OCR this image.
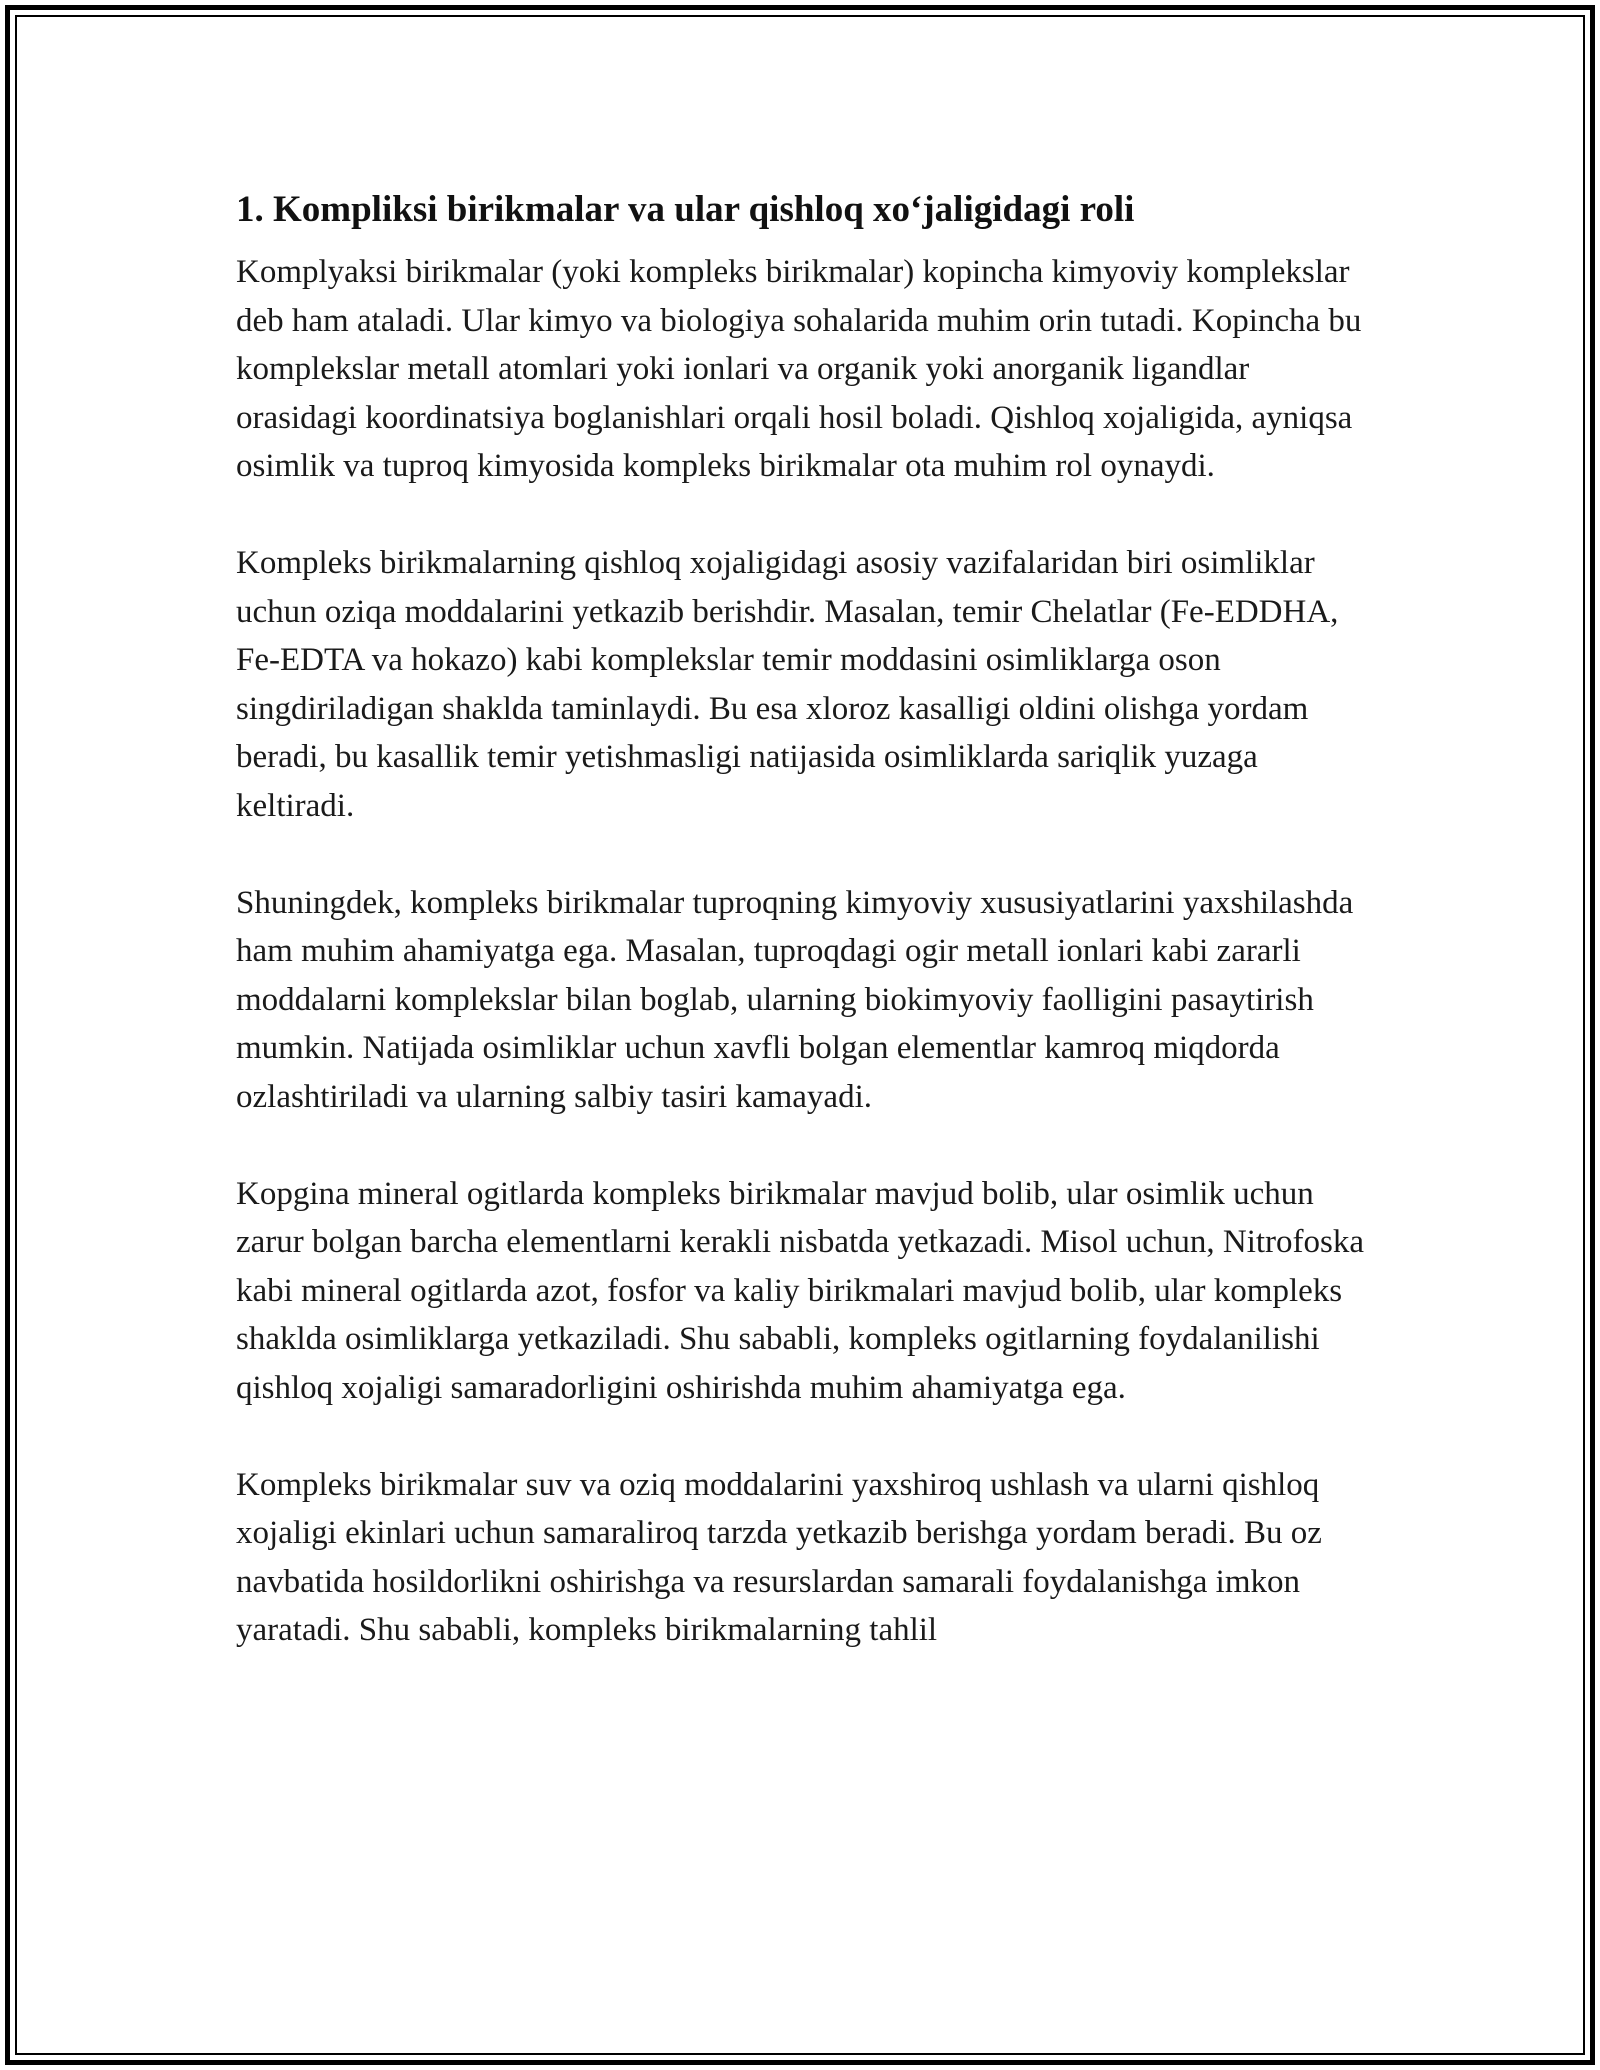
1. Kompliksi birikmalar va ular qishloq xo‘jaligidagi roli

Komplyaksi birikmalar (yoki kompleks birikmalar) kopincha kimyoviy komplekslar deb ham ataladi. Ular kimyo va biologiya sohalarida muhim orin tutadi. Kopincha bu komplekslar metall atomlari yoki ionlari va organik yoki anorganik ligandlar orasidagi koordinatsiya boglanishlari orqali hosil boladi. Qishloq xojaligida, ayniqsa osimlik va tuproq kimyosida kompleks birikmalar ota muhim rol oynaydi.

Kompleks birikmalarning qishloq xojaligidagi asosiy vazifalaridan biri osimliklar uchun oziqa moddalarini yetkazib berishdir. Masalan, temir Chelatlar (Fe-EDDHA, Fe-EDTA va hokazo) kabi komplekslar temir moddasini osimliklarga oson singdiriladigan shaklda taminlaydi. Bu esa xloroz kasalligi oldini olishga yordam beradi, bu kasallik temir yetishmasligi natijasida osimliklarda sariqlik yuzaga keltiradi.

Shuningdek, kompleks birikmalar tuproqning kimyoviy xususiyatlarini yaxshilashda ham muhim ahamiyatga ega. Masalan, tuproqdagi ogir metall ionlari kabi zararli moddalarni komplekslar bilan boglab, ularning biokimyoviy faolligini pasaytirish mumkin. Natijada osimliklar uchun xavfli bolgan elementlar kamroq miqdorda ozlashtiriladi va ularning salbiy tasiri kamayadi.

Kopgina mineral ogitlarda kompleks birikmalar mavjud bolib, ular osimlik uchun zarur bolgan barcha elementlarni kerakli nisbatda yetkazadi. Misol uchun, Nitrofoska kabi mineral ogitlarda azot, fosfor va kaliy birikmalari mavjud bolib, ular kompleks shaklda osimliklarga yetkaziladi. Shu sababli, kompleks ogitlarning foydalanilishi qishloq xojaligi samaradorligini oshirishda muhim ahamiyatga ega.

Kompleks birikmalar suv va oziq moddalarini yaxshiroq ushlash va ularni qishloq xojaligi ekinlari uchun samaraliroq tarzda yetkazib berishga yordam beradi. Bu oz navbatida hosildorlikni oshirishga va resurslardan samarali foydalanishga imkon yaratadi. Shu sababli, kompleks birikmalarning tahlil
